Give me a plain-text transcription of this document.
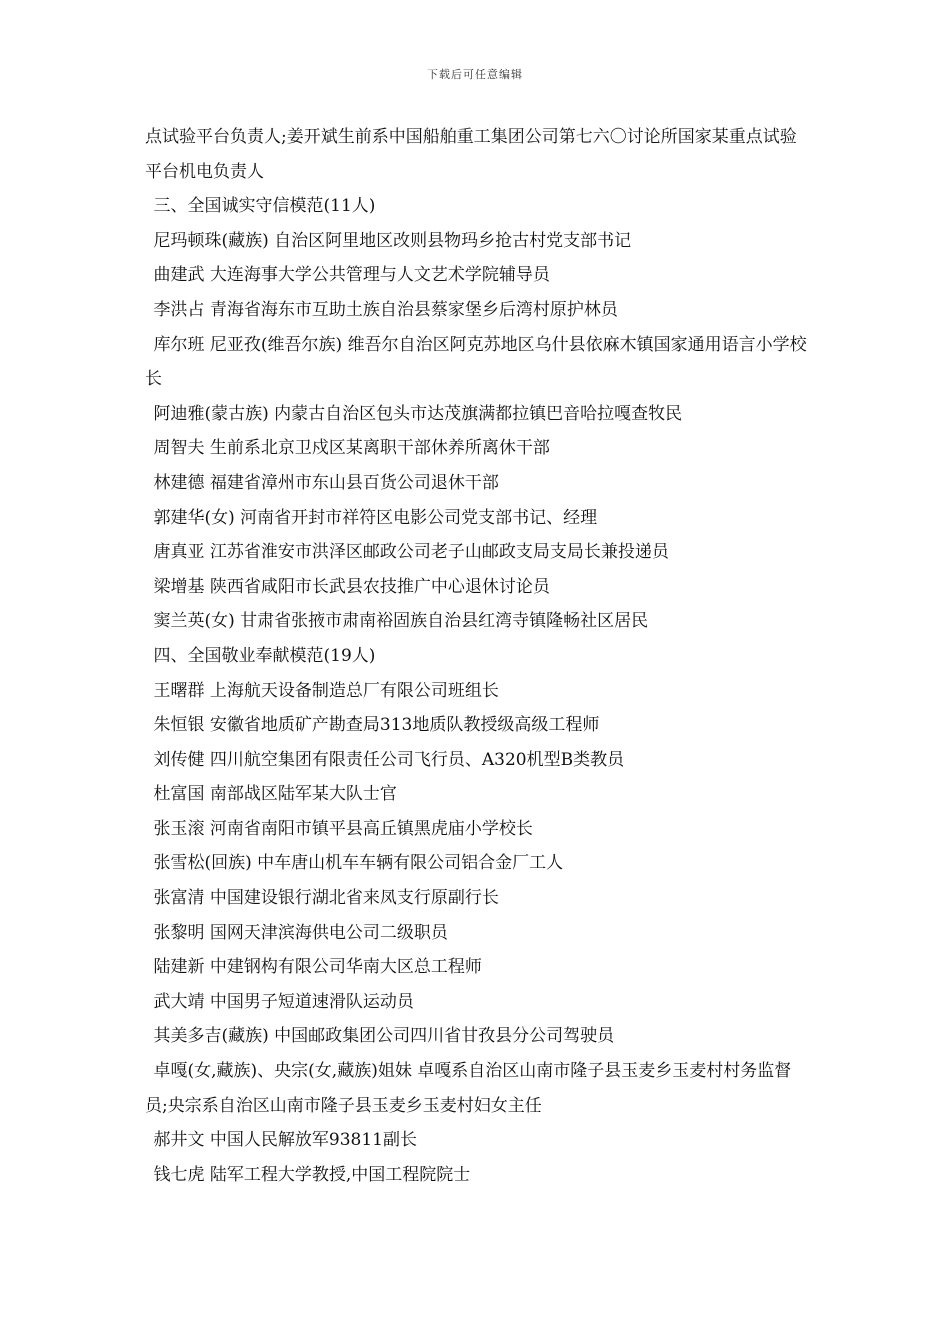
下载后可任意编辑

点试验平台负责人;姜开斌生前系中国船舶重工集团公司第七六〇讨论所国家某重点试验平台机电负责人

三、全国诚实守信模范(11人)

尼玛顿珠(藏族) 自治区阿里地区改则县物玛乡抢古村党支部书记

曲建武 大连海事大学公共管理与人文艺术学院辅导员

李洪占 青海省海东市互助土族自治县蔡家堡乡后湾村原护林员

库尔班 尼亚孜(维吾尔族) 维吾尔自治区阿克苏地区乌什县依麻木镇国家通用语言小学校长

阿迪雅(蒙古族) 内蒙古自治区包头市达茂旗满都拉镇巴音哈拉嘎查牧民

周智夫 生前系北京卫戍区某离职干部休养所离休干部

林建德 福建省漳州市东山县百货公司退休干部

郭建华(女) 河南省开封市祥符区电影公司党支部书记、经理

唐真亚 江苏省淮安市洪泽区邮政公司老子山邮政支局支局长兼投递员

梁增基 陕西省咸阳市长武县农技推广中心退休讨论员

窦兰英(女) 甘肃省张掖市肃南裕固族自治县红湾寺镇隆畅社区居民

四、全国敬业奉献模范(19人)

王曙群 上海航天设备制造总厂有限公司班组长

朱恒银 安徽省地质矿产勘查局313地质队教授级高级工程师

刘传健 四川航空集团有限责任公司飞行员、A320机型B类教员

杜富国 南部战区陆军某大队士官

张玉滚 河南省南阳市镇平县高丘镇黑虎庙小学校长

张雪松(回族) 中车唐山机车车辆有限公司铝合金厂工人

张富清 中国建设银行湖北省来凤支行原副行长

张黎明 国网天津滨海供电公司二级职员

陆建新 中建钢构有限公司华南大区总工程师

武大靖 中国男子短道速滑队运动员

其美多吉(藏族) 中国邮政集团公司四川省甘孜县分公司驾驶员

卓嘎(女,藏族)、央宗(女,藏族)姐妹 卓嘎系自治区山南市隆子县玉麦乡玉麦村村务监督员;央宗系自治区山南市隆子县玉麦乡玉麦村妇女主任

郝井文 中国人民解放军93811副长

钱七虎 陆军工程大学教授,中国工程院院士
